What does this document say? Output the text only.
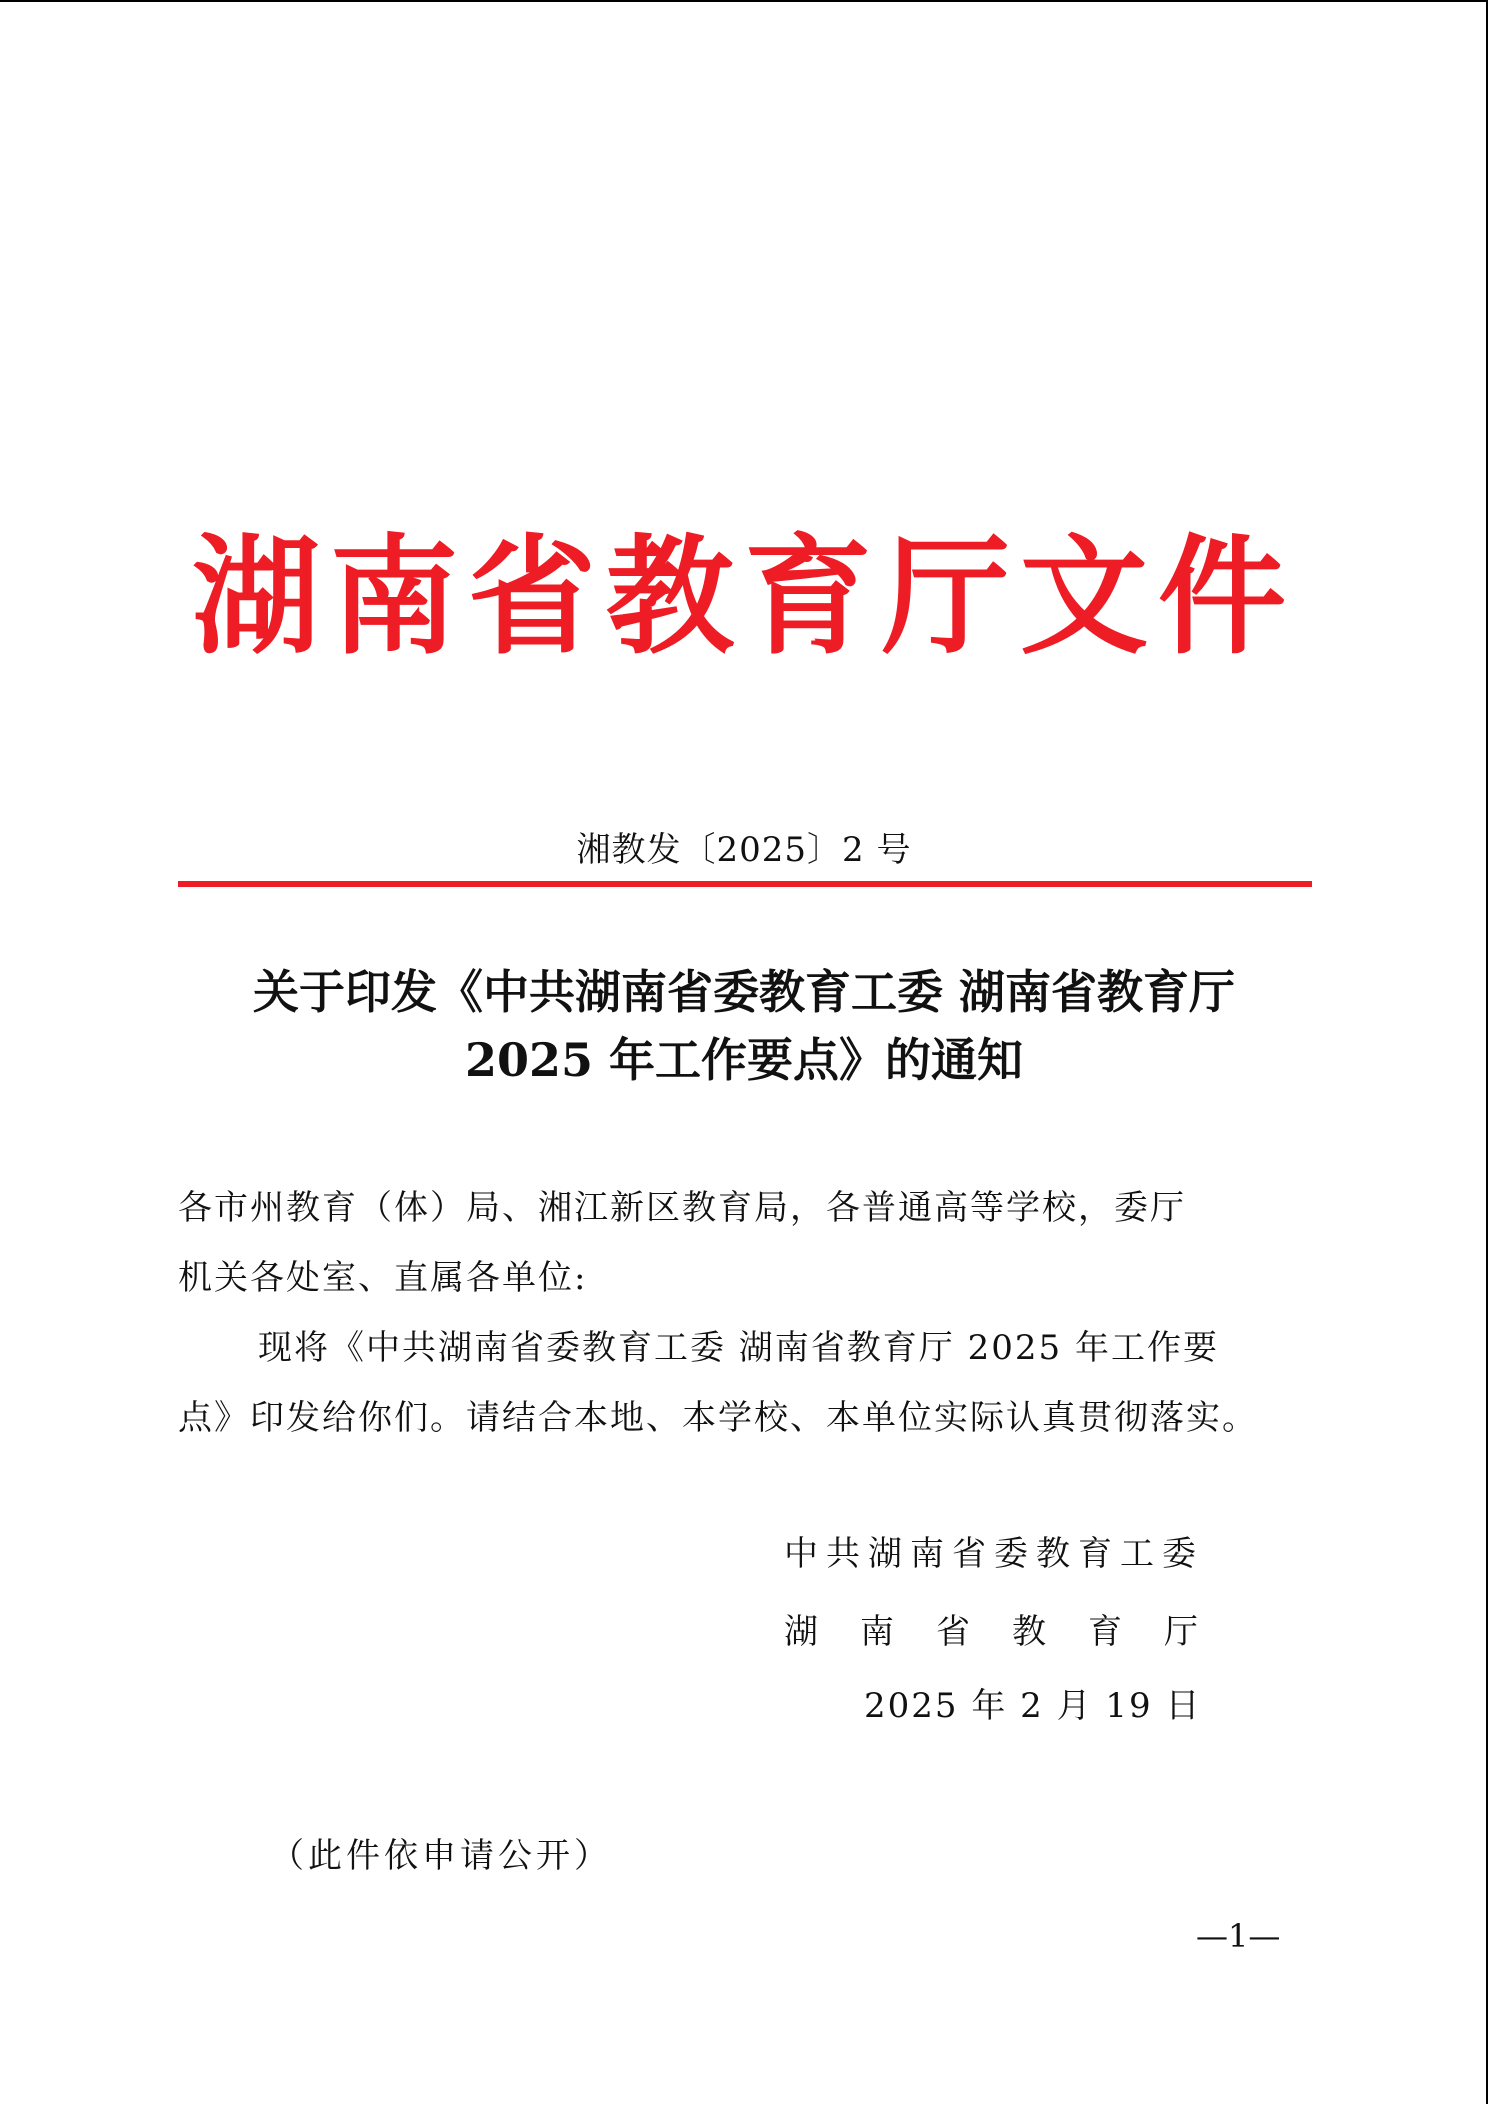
湖南省教育厅文件
湘教发〔2025〕2 号
关于印发《中共湖南省委教育工委 湖南省教育厅
2025 年工作要点》的通知
各市州教育（体）局、湘江新区教育局，各普通高等学校，委厅
机关各处室、直属各单位:
现将《中共湖南省委教育工委 湖南省教育厅 2025 年工作要
点》印发给你们。请结合本地、本学校、本单位实际认真贯彻落实。
中共湖南省委教育工委
湖南省教育厅
2025 年 2 月 19 日
（此件依申请公开）
—1—
